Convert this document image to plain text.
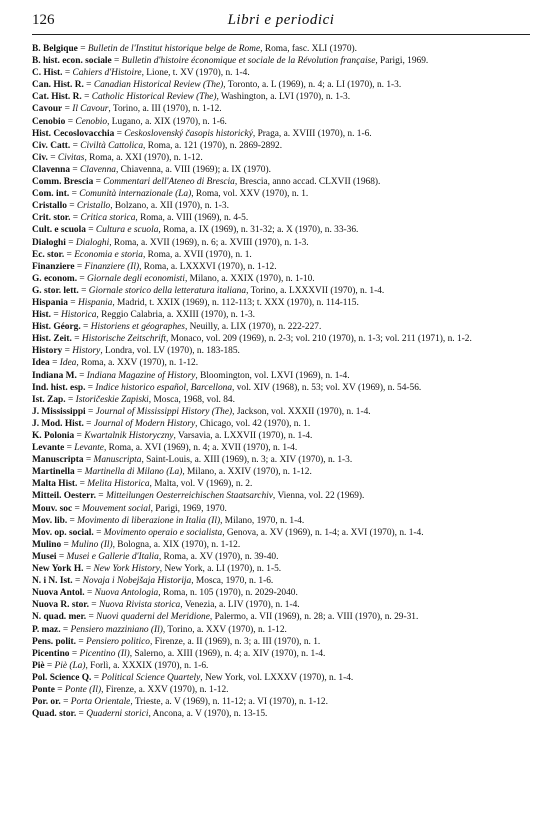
126	Libri e periodici
B. Belgique = Bulletin de l'Institut historique belge de Rome, Roma, fasc. XLI (1970).
B. hist. econ. sociale = Bulletin d'histoire économique et sociale de la Révolution française, Parigi, 1969.
C. Hist. = Cahiers d'Histoire, Lione, t. XV (1970), n. 1-4.
Can. Hist. R. = Canadian Historical Review (The), Toronto, a. L (1969), n. 4; a. LI (1970), n. 1-3.
Cat. Hist. R. = Catholic Historical Review (The), Washington, a. LVI (1970), n. 1-3.
Cavour = Il Cavour, Torino, a. III (1970), n. 1-12.
Cenobio = Cenobio, Lugano, a. XIX (1970), n. 1-6.
Hist. Cecoslovacchia = Ceskoslovenský časopis historický, Praga, a. XVIII (1970), n. 1-6.
Civ. Catt. = Civiltà Cattolica, Roma, a. 121 (1970), n. 2869-2892.
Civ. = Civitas, Roma, a. XXI (1970), n. 1-12.
Clavenna = Clavenna, Chiavenna, a. VIII (1969); a. IX (1970).
Comm. Brescia = Commentari dell'Ateneo di Brescia, Brescia, anno accad. CLXVII (1968).
Com. int. = Comunità internazionale (La), Roma, vol. XXV (1970), n. 1.
Cristallo = Cristallo, Bolzano, a. XII (1970), n. 1-3.
Crit. stor. = Critica storica, Roma, a. VIII (1969), n. 4-5.
Cult. e scuola = Cultura e scuola, Roma, a. IX (1969), n. 31-32; a. X (1970), n. 33-36.
Dialoghi = Dialoghi, Roma, a. XVII (1969), n. 6; a. XVIII (1970), n. 1-3.
Ec. stor. = Economia e storia, Roma, a. XVII (1970), n. 1.
Finanziere = Finanziere (Il), Roma, a. LXXXVI (1970), n. 1-12.
G. econom. = Giornale degli economisti, Milano, a. XXIX (1970), n. 1-10.
G. stor. lett. = Giornale storico della letteratura italiana, Torino, a. LXXXVII (1970), n. 1-4.
Hispania = Hispania, Madrid, t. XXIX (1969), n. 112-113; t. XXX (1970), n. 114-115.
Hist. = Historica, Reggio Calabria, a. XXIII (1970), n. 1-3.
Hist. Géorg. = Historiens et géographes, Neuilly, a. LIX (1970), n. 222-227.
Hist. Zeit. = Historische Zeitschrift, Monaco, vol. 209 (1969), n. 2-3; vol. 210 (1970), n. 1-3; vol. 211 (1971), n. 1-2.
History = History, Londra, vol. LV (1970), n. 183-185.
Idea = Idea, Roma, a. XXV (1970), n. 1-12.
Indiana M. = Indiana Magazine of History, Bloomington, vol. LXVI (1969), n. 1-4.
Ind. hist. esp. = Indice historico español, Barcellona, vol. XIV (1968), n. 53; vol. XV (1969), n. 54-56.
Ist. Zap. = Istoričeskie Zapiski, Mosca, 1968, vol. 84.
J. Mississippi = Journal of Mississippi History (The), Jackson, vol. XXXII (1970), n. 1-4.
J. Mod. Hist. = Journal of Modern History, Chicago, vol. 42 (1970), n. 1.
K. Polonia = Kwartalnik Historyczny, Varsavia, a. LXXVII (1970), n. 1-4.
Levante = Levante, Roma, a. XVI (1969), n. 4; a. XVII (1970), n. 1-4.
Manuscripta = Manuscripta, Saint-Louis, a. XIII (1969), n. 3; a. XIV (1970), n. 1-3.
Martinella = Martinella di Milano (La), Milano, a. XXIV (1970), n. 1-12.
Malta Hist. = Melita Historica, Malta, vol. V (1969), n. 2.
Mitteil. Oesterr. = Mitteilungen Oesterreichischen Staatsarchiv, Vienna, vol. 22 (1969).
Mouv. soc = Mouvement social, Parigi, 1969, 1970.
Mov. lib. = Movimento di liberazione in Italia (Il), Milano, 1970, n. 1-4.
Mov. op. social. = Movimento operaio e socialista, Genova, a. XV (1969), n. 1-4; a. XVI (1970), n. 1-4.
Mulino = Mulino (Il), Bologna, a. XIX (1970), n. 1-12.
Musei = Musei e Gallerie d'Italia, Roma, a. XV (1970), n. 39-40.
New York H. = New York History, New York, a. LI (1970), n. 1-5.
N. i N. Ist. = Novaja i Nobejšaja Historija, Mosca, 1970, n. 1-6.
Nuova Antol. = Nuova Antologia, Roma, n. 105 (1970), n. 2029-2040.
Nuova R. stor. = Nuova Rivista storica, Venezia, a. LIV (1970), n. 1-4.
N. quad. mer. = Nuovi quaderni del Meridione, Palermo, a. VII (1969), n. 28; a. VIII (1970), n. 29-31.
P. maz. = Pensiero mazziniano (Il), Torino, a. XXV (1970), n. 1-12.
Pens. polit. = Pensiero politico, Firenze, a. II (1969), n. 3; a. III (1970), n. 1.
Picentino = Picentino (Il), Salerno, a. XIII (1969), n. 4; a. XIV (1970), n. 1-4.
Piè = Piè (La), Forlì, a. XXXIX (1970), n. 1-6.
Pol. Science Q. = Political Science Quartely, New York, vol. LXXXV (1970), n. 1-4.
Ponte = Ponte (Il), Firenze, a. XXV (1970), n. 1-12.
Por. or. = Porta Orientale, Trieste, a. V (1969), n. 11-12; a. VI (1970), n. 1-12.
Quad. stor. = Quaderni storici, Ancona, a. V (1970), n. 13-15.
